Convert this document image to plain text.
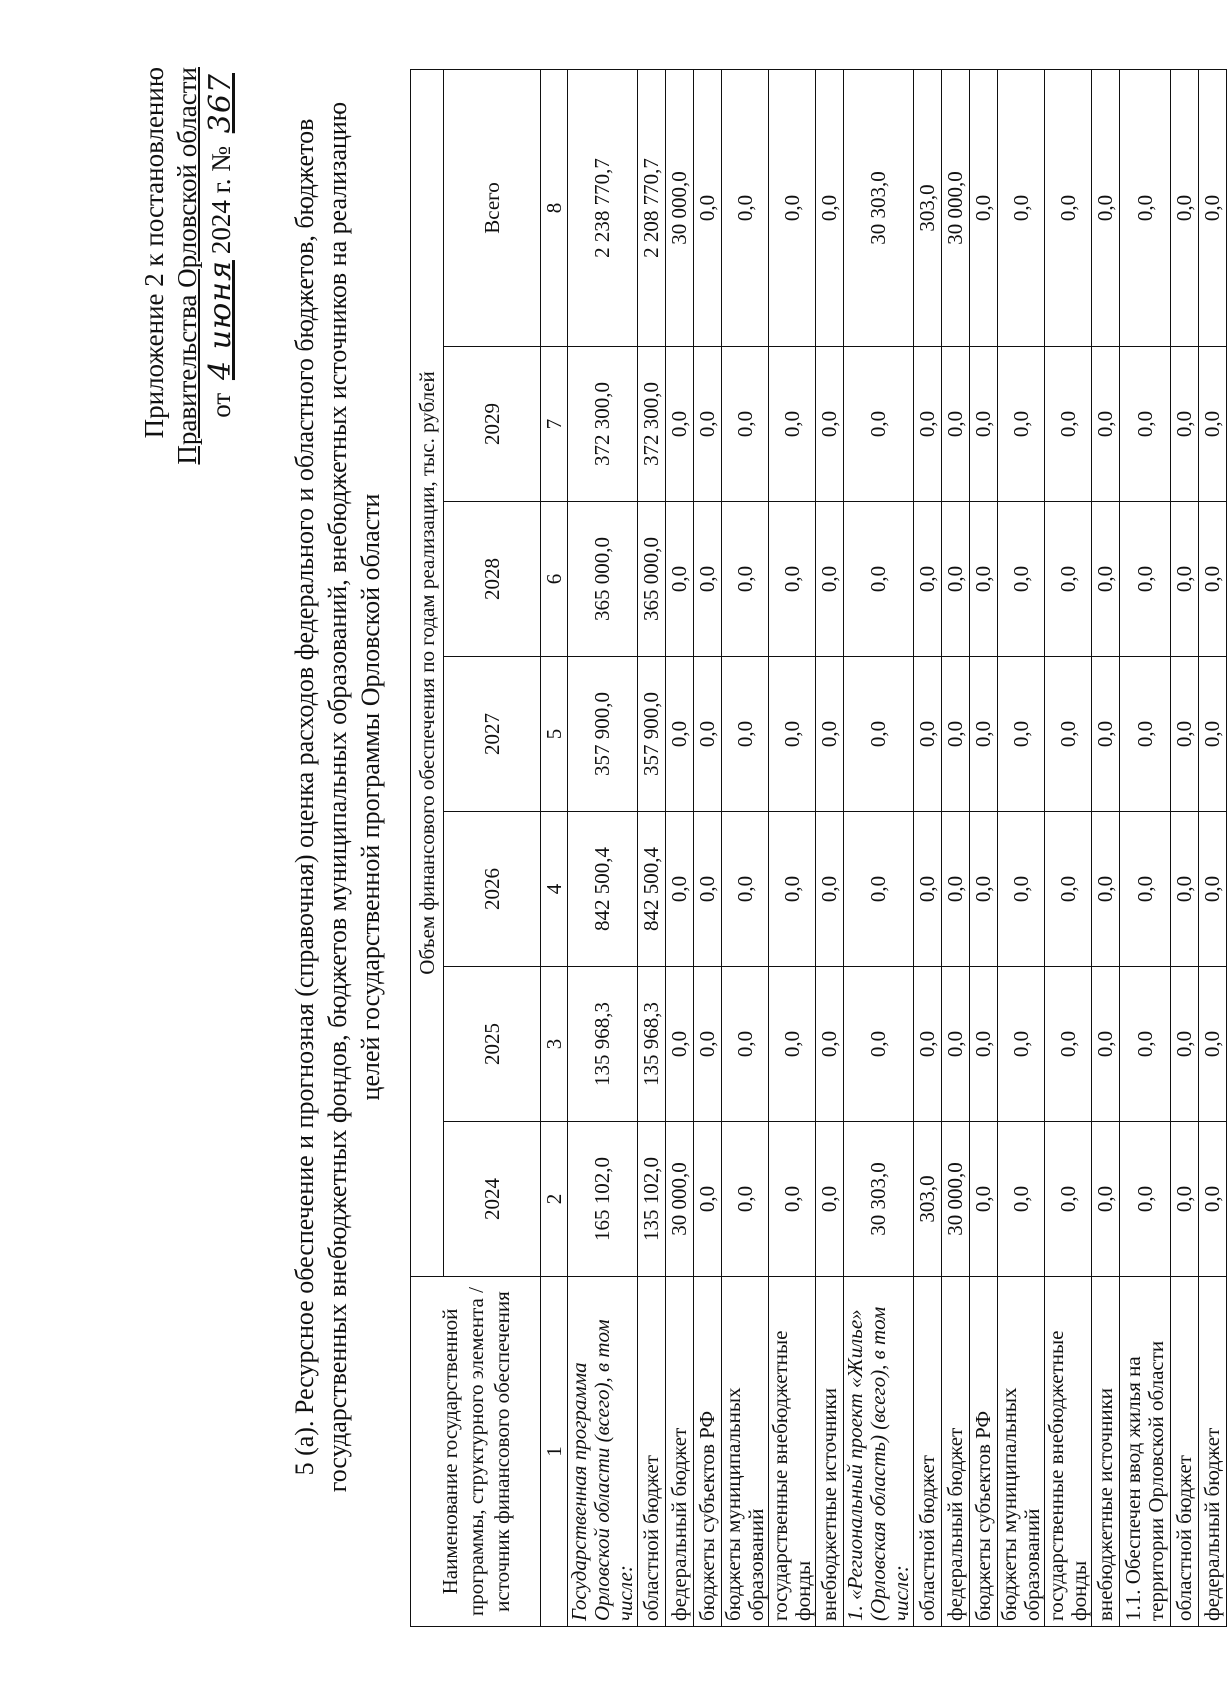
Приложение 2 к постановлению Правительства Орловской области от 4 июня2024 г. № 367
5 (а). Ресурсное обеспечение и прогнозная (справочная) оценка расходов федерального и областного бюджетов, бюджетов государственных внебюджетных фондов, бюджетов муниципальных образований, внебюджетных источников на реализацию целей государственной программы Орловской области
Наименование государственной программы, структурного элемента / источник финансового обеспечения	Объем финансового обеспечения по годам реализации, тыс. рублей						
	2024	2025	2026	2027	2028	2029	Всего
1	2	3	4	5	6	7	8
Государственная программа Орловской области (всего), в том числе:	165 102,0	135 968,3	842 500,4	357 900,0	365 000,0	372 300,0	2 238 770,7
областной бюджет	135 102,0	135 968,3	842 500,4	357 900,0	365 000,0	372 300,0	2 208 770,7
федеральный бюджет	30 000,0	0,0	0,0	0,0	0,0	0,0	30 000,0
бюджеты субъектов РФ	0,0	0,0	0,0	0,0	0,0	0,0	0,0
бюджеты муниципальных образований	0,0	0,0	0,0	0,0	0,0	0,0	0,0
государственные внебюджетные фонды	0,0	0,0	0,0	0,0	0,0	0,0	0,0
внебюджетные источники	0,0	0,0	0,0	0,0	0,0	0,0	0,0
1. «Региональный проект «Жилье» (Орловская область) (всего), в том числе:	30 303,0	0,0	0,0	0,0	0,0	0,0	30 303,0
областной бюджет	303,0	0,0	0,0	0,0	0,0	0,0	303,0
федеральный бюджет	30 000,0	0,0	0,0	0,0	0,0	0,0	30 000,0
бюджеты субъектов РФ	0,0	0,0	0,0	0,0	0,0	0,0	0,0
бюджеты муниципальных образований	0,0	0,0	0,0	0,0	0,0	0,0	0,0
государственные внебюджетные фонды	0,0	0,0	0,0	0,0	0,0	0,0	0,0
внебюджетные источники	0,0	0,0	0,0	0,0	0,0	0,0	0,0
1.1. Обеспечен ввод жилья на территории Орловской области	0,0	0,0	0,0	0,0	0,0	0,0	0,0
областной бюджет	0,0	0,0	0,0	0,0	0,0	0,0	0,0
федеральный бюджет	0,0	0,0	0,0	0,0	0,0	0,0	0,0
